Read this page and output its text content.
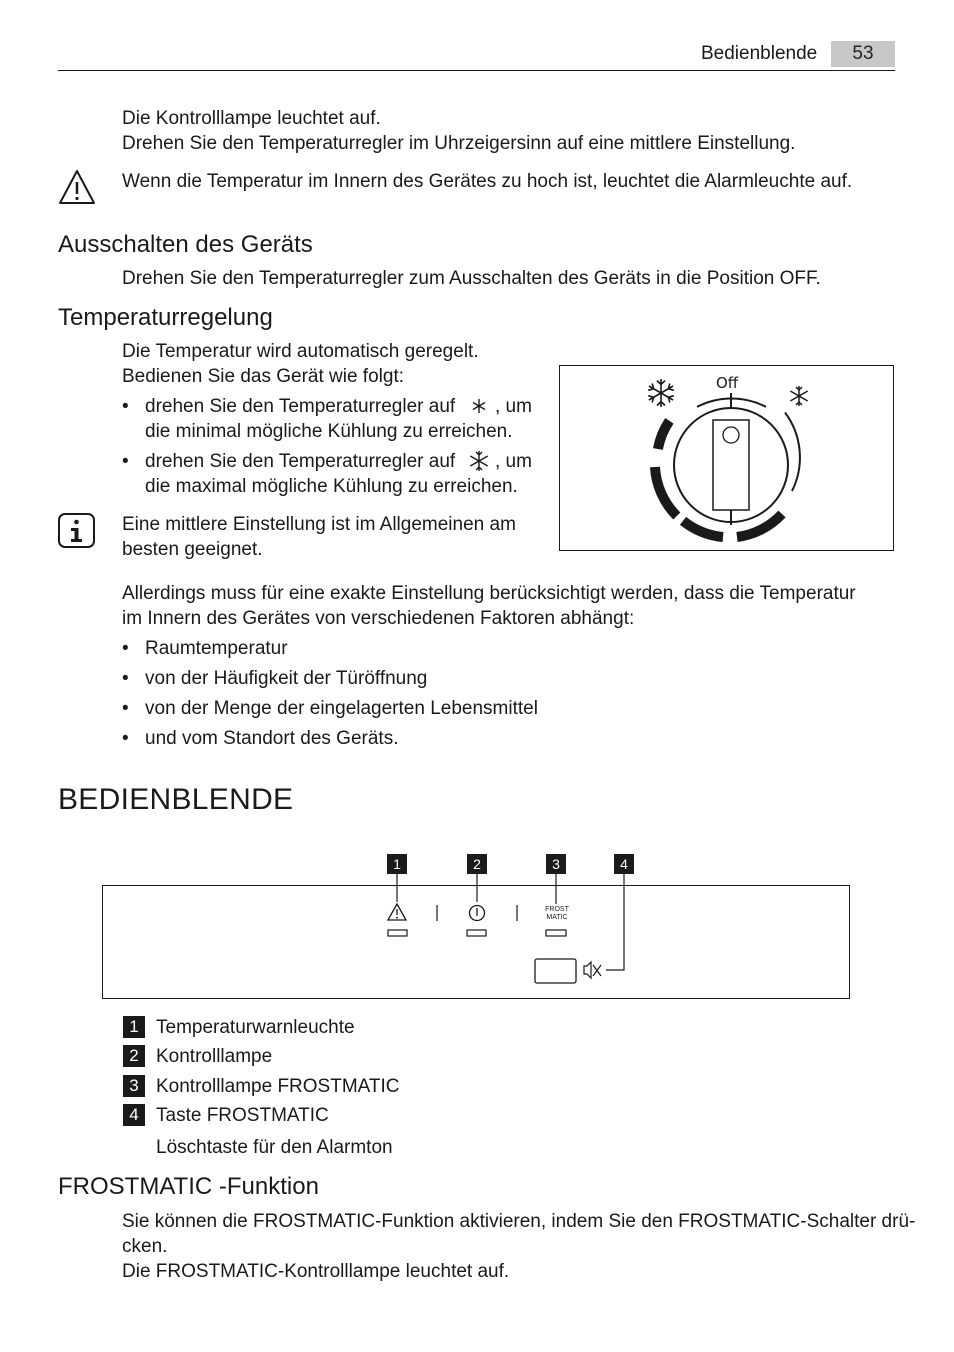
Bedienblende	53
Die Kontrolllampe leuchtet auf.
Drehen Sie den Temperaturregler im Uhrzeigersinn auf eine mittlere Einstellung.
Wenn die Temperatur im Innern des Gerätes zu hoch ist, leuchtet die Alarmleuchte auf.
Ausschalten des Geräts
Drehen Sie den Temperaturregler zum Ausschalten des Geräts in die Position OFF.
Temperaturregelung
Die Temperatur wird automatisch geregelt.
Bedienen Sie das Gerät wie folgt:
• drehen Sie den Temperaturregler auf , um
die minimal mögliche Kühlung zu erreichen.
• drehen Sie den Temperaturregler auf , um
die maximal mögliche Kühlung zu erreichen.
Eine mittlere Einstellung ist im Allgemeinen am
besten geeignet.
Off
Allerdings muss für eine exakte Einstellung berücksichtigt werden, dass die Temperatur
im Innern des Gerätes von verschiedenen Faktoren abhängt:
• Raumtemperatur
• von der Häufigkeit der Türöffnung
• von der Menge der eingelagerten Lebensmittel
• und vom Standort des Geräts.
BEDIENBLENDE
1	2	3	4
FROST
MATIC
1 Temperaturwarnleuchte
2 Kontrolllampe
3 Kontrolllampe FROSTMATIC
4 Taste FROSTMATIC
Löschtaste für den Alarmton
FROSTMATIC -Funktion
Sie können die FROSTMATIC-Funktion aktivieren, indem Sie den FROSTMATIC-Schalter drü-
cken.
Die FROSTMATIC-Kontrolllampe leuchtet auf.
